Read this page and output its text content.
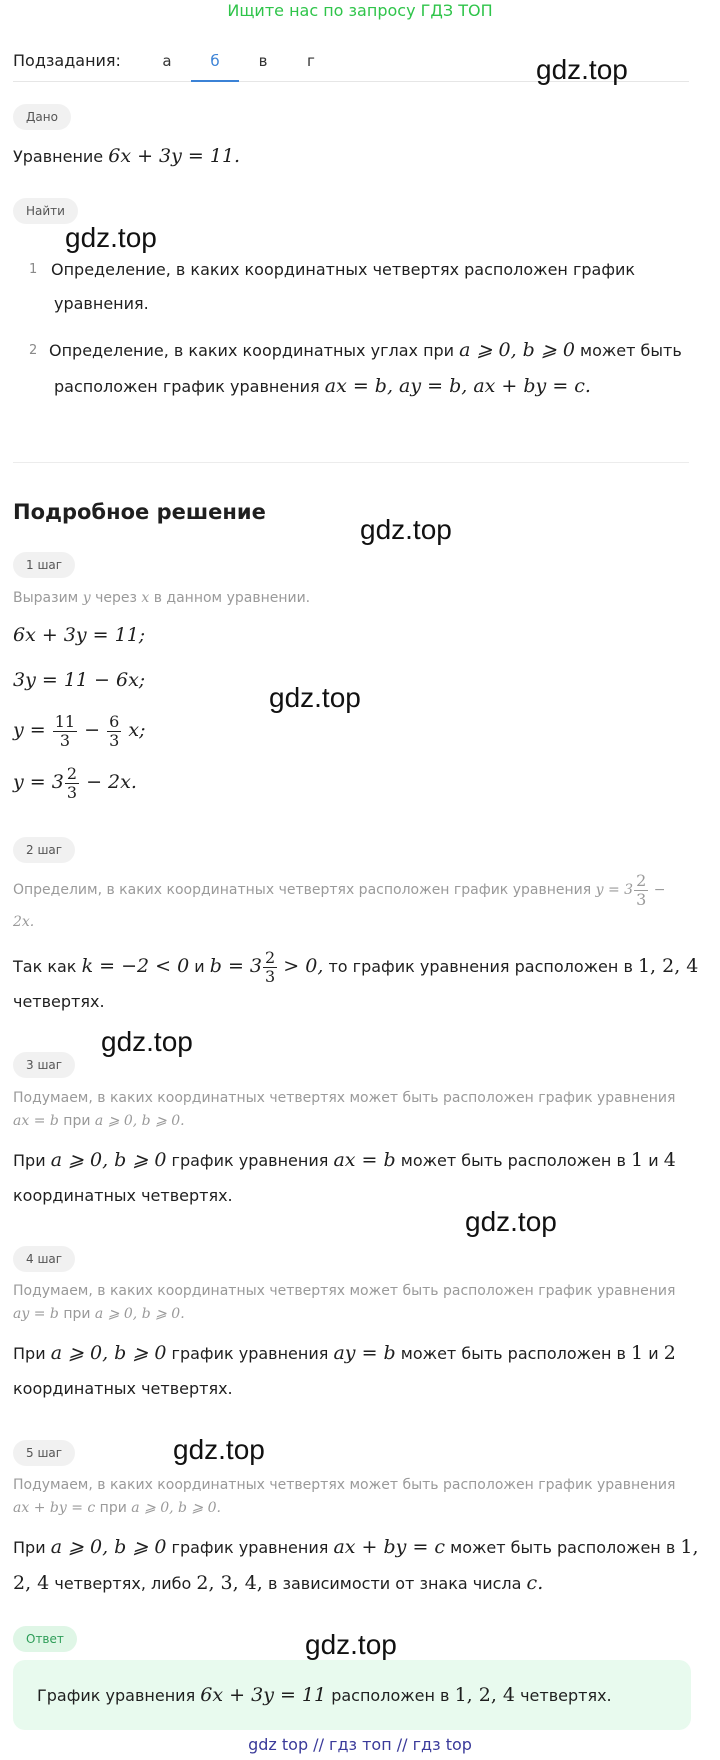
Ищите нас по запросу ГДЗ ТОП
Подзадания:	а	б	в	г	gdz.top
gdz.top
gdz.top
gdz.top
gdz.top
gdz.top
gdz.top
gdz.top
Дано
Уравнение 6x + 3y = 11.
Найти
1 Определение, в каких координатных четвертях расположен график
уравнения.
2 Определение, в каких координатных углах при a ⩾ 0, b ⩾ 0 может быть
расположен график уравнения ax = b, ay = b, ax + by = c.
Подробное решение
1 шаг
Выразим y через x в данном уравнении.
6x + 3y = 11;
3y = 11 − 6x;
$y = \frac{11}{3} - \frac{6}{3} x$;
$y = 3 \frac{2}{3} - 2x$.
2 шаг
Определим, в каких координатных четвертях расположен график уравнения $y = 3 \frac{2}{3}$ −
2x.
Так как k = −2 < 0 и $b = 3 \frac{2}{3} > 0$, то график уравнения расположен в 1, 2, 4
четвертях.
3 шаг
Подумаем, в каких координатных четвертях может быть расположен график уравнения
ax = b при a ⩾ 0, b ⩾ 0.
При a ⩾ 0, b ⩾ 0 график уравнения ax = b может быть расположен в 1 и 4
координатных четвертях.
4 шаг
Подумаем, в каких координатных четвертях может быть расположен график уравнения
ay = b при a ⩾ 0, b ⩾ 0.
При a ⩾ 0, b ⩾ 0 график уравнения ay = b может быть расположен в 1 и 2
координатных четвертях.
5 шаг
Подумаем, в каких координатных четвертях может быть расположен график уравнения
ax + by = c при a ⩾ 0, b ⩾ 0.
При a ⩾ 0, b ⩾ 0 график уравнения ax + by = c может быть расположен в 1,
2, 4 четвертях, либо 2, 3, 4, в зависимости от знака числа c.
Ответ
График уравнения 6x + 3y = 11 расположен в 1, 2, 4 четвертях.
gdz top // гдз топ // гдз top
